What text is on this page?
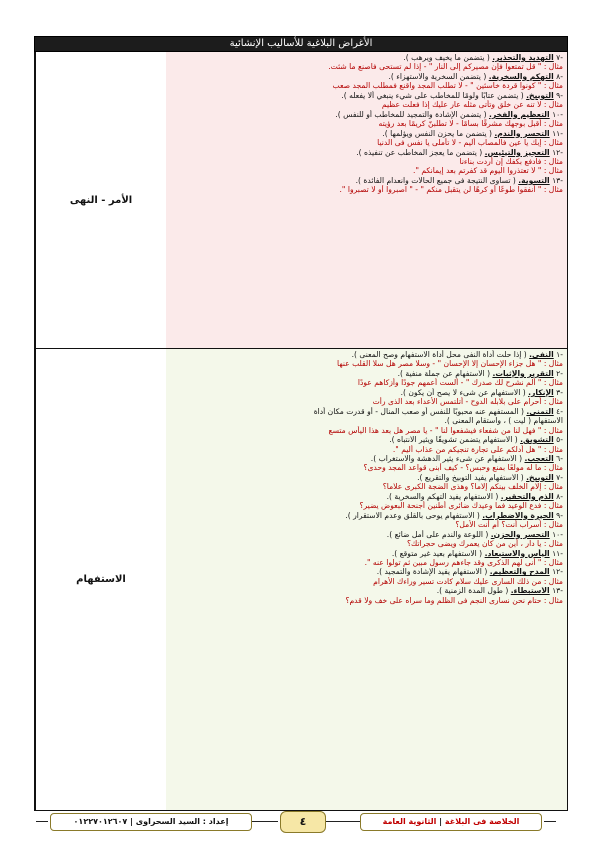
الأغراض البلاغية للأساليب الإنشائية
-٧ التهديد والتحذير. ( يتضمن ما يخيف ويرهب ).
مثال : " قل تمتعوا فإن مصيركم إلى النار " - إذا لم تستحى فاصنع ما شئت.
-٨ التهكم والسخرية. ( يتضمن السخرية والاستهزاء ).
مثال : " كونوا قردة خاسئين " - لا تطلب المجد واقنع فمطلب المجد صعب
-٩ التوبيخ. ( يتضمن عتابًا ولومًا للمخاطب على شيء ينبغي ألا يفعله ).
مثال : لا تنه عن خلق وتأتى مثله عار عليك إذا فعلت عظيم
-١٠ التعظيم والفخر. ( يتضمن الإشادة والتمجيد للمخاطب أو للنفس ).
مثال : أقبل بوجهك مشرقًا بسامًا - لا تطلبنّ كريمًا بعد رؤيته
-١١ التحسر والندم. ( يتضمن ما يحزن النفس ويؤلمها ).
مثال : إبك يا عين فالمصاب أليم - لا تأملى يا نفس فى الدنيا
-١٢ التعجيز والتيئيس. ( يتضمن ما يعجز المخاطب عن تنفيذه ).
مثال : فادفع بكفك إن أردت بناءنا
مثال : " لا تعتذروا اليوم قد كفرتم بعد إيمانكم ".
-١٣ التسوية. ( تساوى النتيجة فى جميع الحالات وانعدام الفائدة ).
مثال : " أنفقوا طوعًا أو كرهًا لن يتقبل منكم " - " اصبروا أو لا تصبروا ".
الأمر - النهى
-١ النفى. ( إذا حلت أداة النفى محل أداة الاستفهام وصح المعنى ).
مثال : " هل جزاء الإحسان إلا الإحسان " - وسلا مصر هل سلا القلب عنها
-٢ التقرير والإثبات. ( الاستفهام عن جملة منفية ).
مثال : " ألم نشرح لك صدرك " - ألست أعمهم جودًا وأزكاهم عودًا
-٣ الإنكار. ( الاستفهام عن شىء لا يصح أن يكون ).
مثال : أحرام على بلابله الدوح - أتلتمس الأعداء بعد الذى رأت
-٤ التمنى. ( المستفهم عنه محبوبًا للنفس أو صعب المنال - أو قدرت مكان أداة
الاستفهام ( ليت ) ، واستقام المعنى ).
مثال : " فهل لنا من شفعاء فيشفعوا لنا " - يا مصر هل بعد هذا اليأس متسع
-٥ التشويق. ( الاستفهام يتضمن تشويقًا ويثير الانتباه ).
مثال : " هل أدلكم على تجارة تنجيكم من عذاب أليم ".
-٦ التعجب. ( الاستفهام عن شىء يثير الدهشة والاستغراب ).
مثال : ما له مولعًا بمنع وحبس؟ - كيف أبنى قواعد المجد وحدى؟
-٧ التوبيخ. ( الاستفهام يفيد التوبيخ والتقريع ).
مثال : إلام الخلف بينكم إلاما؟ وهذى الضجة الكبرى علاما؟
-٨ الذم والتحقير. ( الاستفهام يفيد التهكم والسخرية ).
مثال : فدع الوعيد فما وعيدك ضائرى أطنين أجنحة البعوض يضير؟
-٩ الحيرة والاضطراب. ( الاستفهام يوحى بالقلق وعدم الاستقرار ).
مثال : أسراب أنت؟ أم أنت الأمل؟
-١٠ التحسر والحزن. ( اللوعة والندم على أمل ضائع ).
مثال : يا دار ، أين من كان يعمرك ويضى حجراتك؟
-١١ اليأس والاستبعاد. ( الاستفهام بعيد غير متوقع ).
مثال : " أنى لهم الذكرى وقد جاءهم رسول مبين ثم تولوا عنه ".
-١٢ المدح والتعظيم. ( الاستفهام يفيد الإشادة والتمجيد ).
مثال : من ذلك السارى عليك سلام كادت تسير وراءك الأهرام
-١٣ الاستبطاء. ( طول المدة الزمنية ).
مثال : حتام نحن نسارى النجم فى الظلم وما سراه على خف ولا قدم؟
الاستفهام
الخلاصة فى البلاغة | الثانوية العامة
٤
إعداد : السيد السحراوى | ٠١٢٢٧٠١٢٦٠٧
